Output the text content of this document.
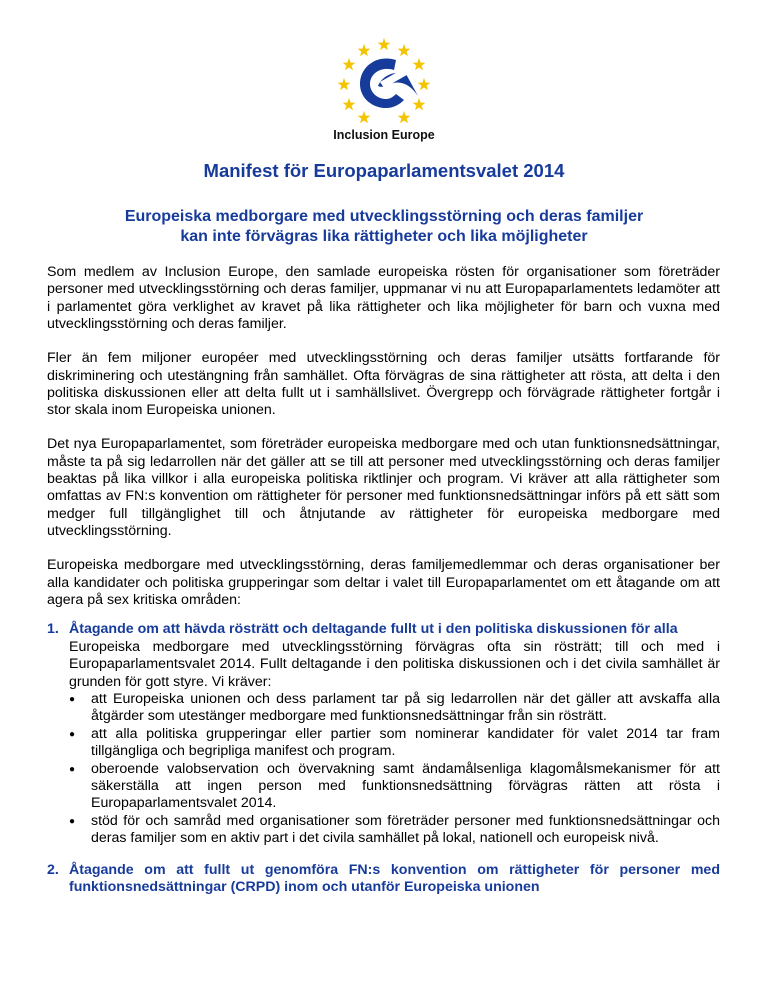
Inclusion Europe
Manifest för Europaparlamentsvalet 2014
Europeiska medborgare med utvecklingsstörning och deras familjer
kan inte förvägras lika rättigheter och lika möjligheter

Som medlem av Inclusion Europe, den samlade europeiska rösten för organisationer som företräder personer med utvecklingsstörning och deras familjer, uppmanar vi nu att Europaparlamentets ledamöter att i parlamentet göra verklighet av kravet på lika rättigheter och lika möjligheter för barn och vuxna med utvecklingsstörning och deras familjer.

Fler än fem miljoner européer med utvecklingsstörning och deras familjer utsätts fortfarande för diskriminering och utestängning från samhället. Ofta förvägras de sina rättigheter att rösta, att delta i den politiska diskussionen eller att delta fullt ut i samhällslivet. Övergrepp och förvägrade rättigheter fortgår i stor skala inom Europeiska unionen.

Det nya Europaparlamentet, som företräder europeiska medborgare med och utan funktionsnedsättningar, måste ta på sig ledarrollen när det gäller att se till att personer med utvecklingsstörning och deras familjer beaktas på lika villkor i alla europeiska politiska riktlinjer och program. Vi kräver att alla rättigheter som omfattas av FN:s konvention om rättigheter för personer med funktionsnedsättningar införs på ett sätt som medger full tillgänglighet till och åtnjutande av rättigheter för europeiska medborgare med utvecklingsstörning.

Europeiska medborgare med utvecklingsstörning, deras familjemedlemmar och deras organisationer ber alla kandidater och politiska grupperingar som deltar i valet till Europaparlamentet om ett åtagande om att agera på sex kritiska områden:

1. Åtagande om att hävda rösträtt och deltagande fullt ut i den politiska diskussionen för alla

Europeiska medborgare med utvecklingsstörning förvägras ofta sin rösträtt; till och med i Europaparlamentsvalet 2014. Fullt deltagande i den politiska diskussionen och i det civila samhället är grunden för gott styre. Vi kräver:

●	att Europeiska unionen och dess parlament tar på sig ledarrollen när det gäller att avskaffa alla åtgärder som utestänger medborgare med funktionsnedsättningar från sin rösträtt.
●	att alla politiska grupperingar eller partier som nominerar kandidater för valet 2014 tar fram tillgängliga och begripliga manifest och program.
●	oberoende valobservation och övervakning samt ändamålsenliga klagomålsmekanismer för att säkerställa att ingen person med funktionsnedsättning förvägras rätten att rösta i Europaparlamentsvalet 2014.
●	stöd för och samråd med organisationer som företräder personer med funktionsnedsättningar och deras familjer som en aktiv part i det civila samhället på lokal, nationell och europeisk nivå.
2. Åtagande om att fullt ut genomföra FN:s konvention om rättigheter för personer med funktionsnedsättningar (CRPD) inom och utanför Europeiska unionen
